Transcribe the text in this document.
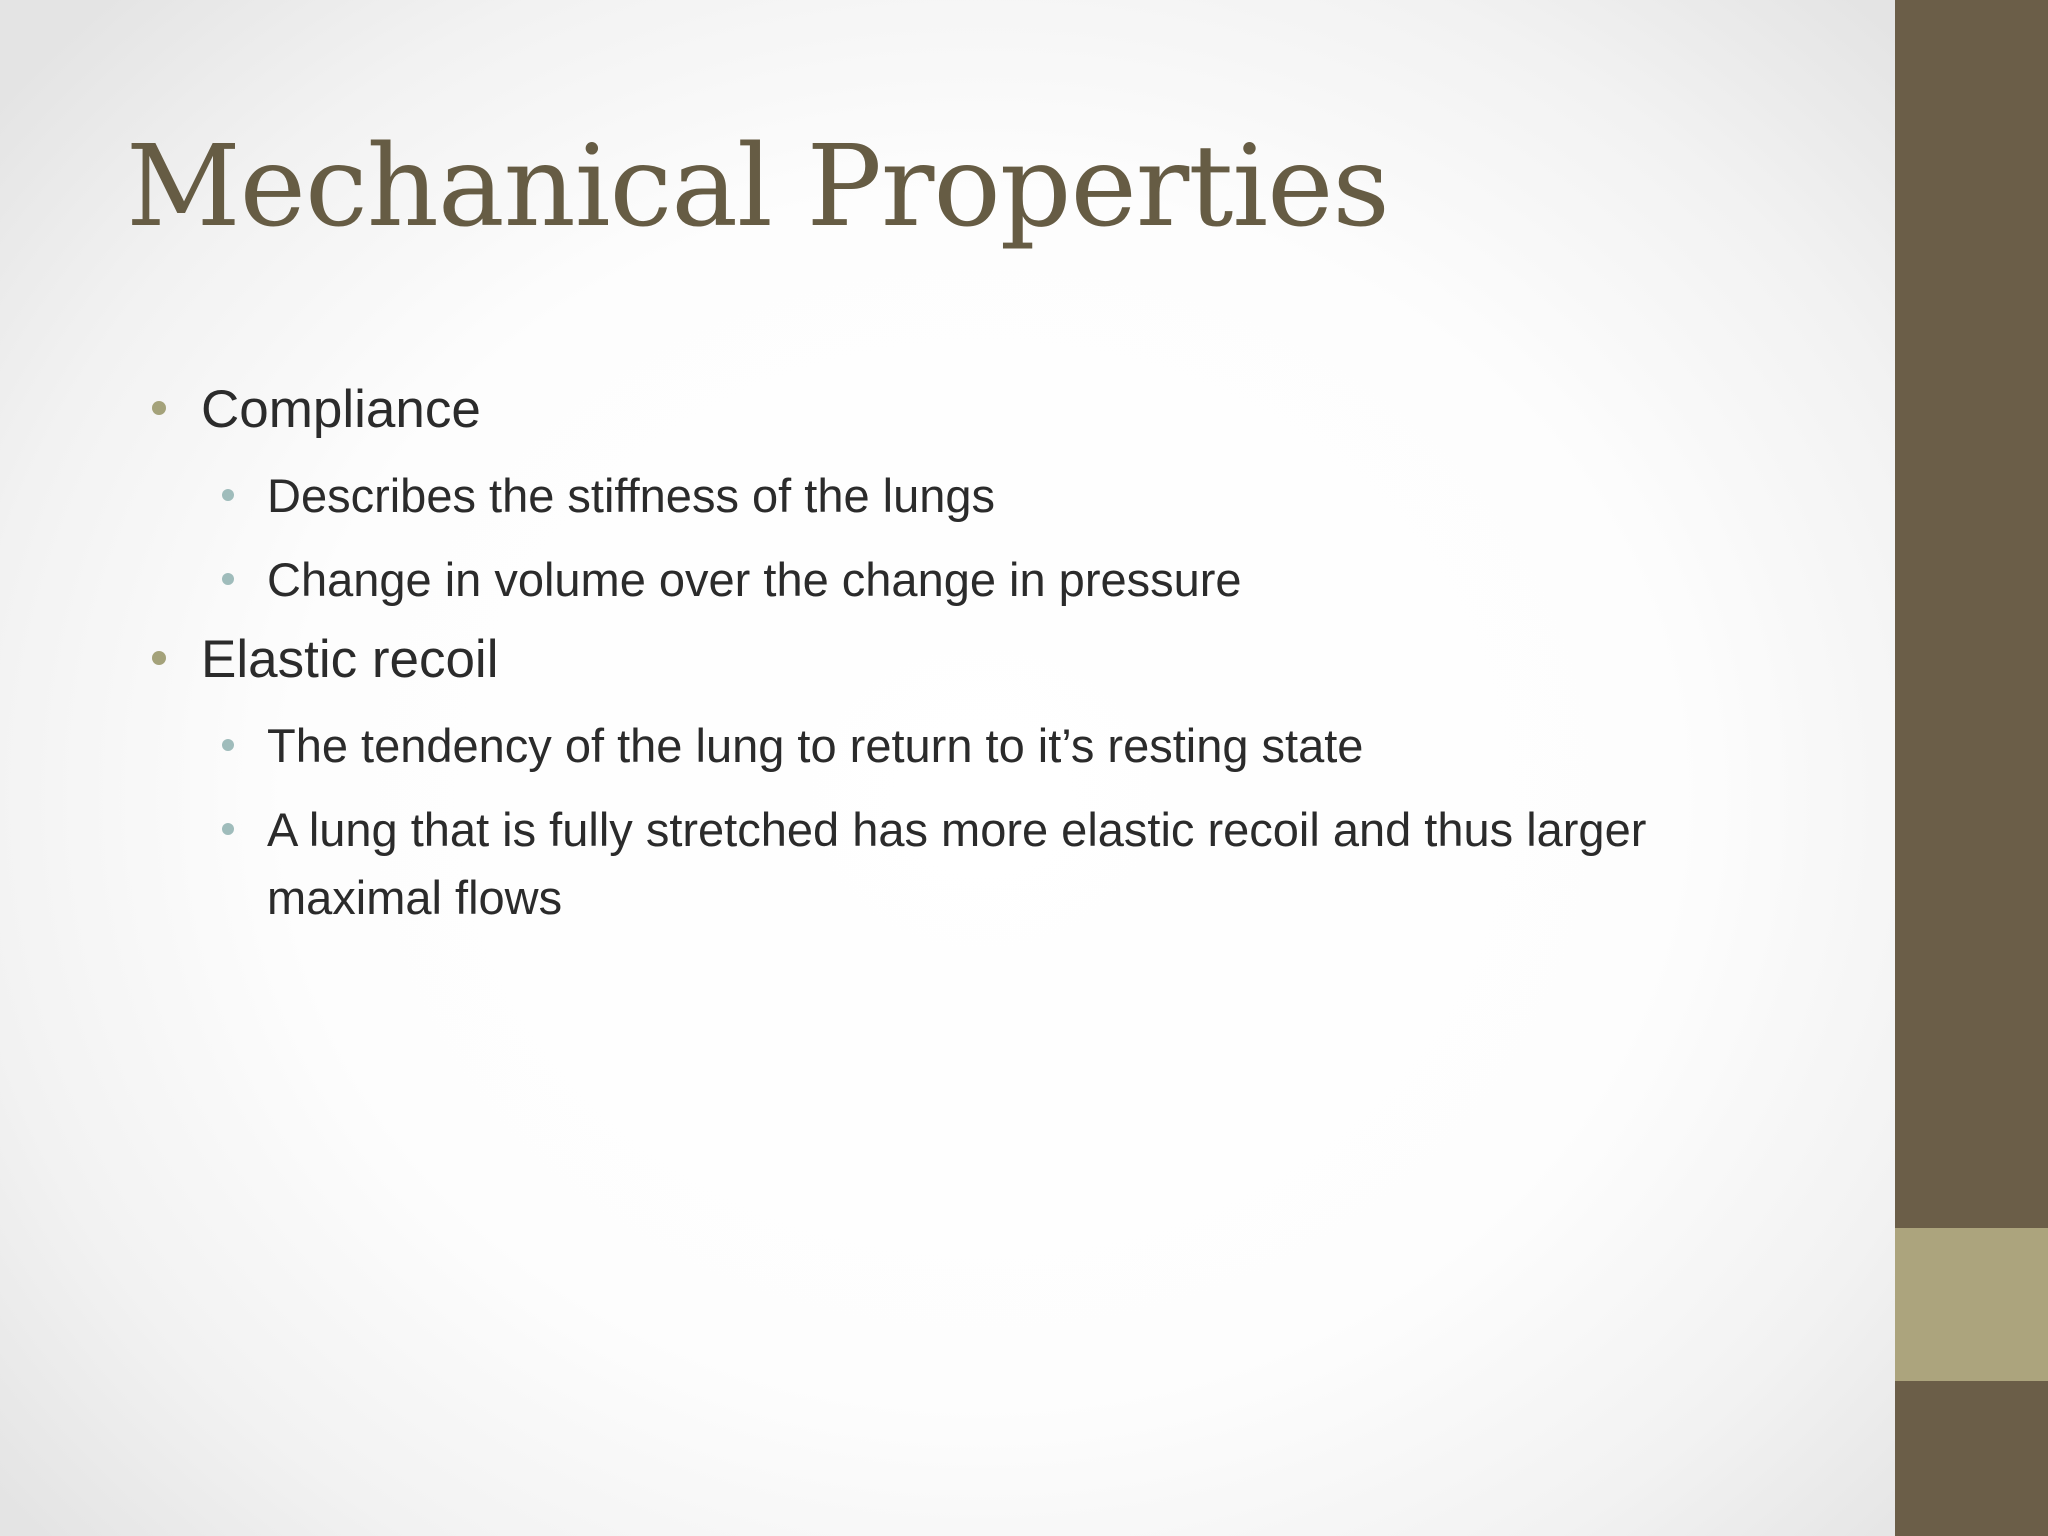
Mechanical Properties
Compliance
Describes the stiffness of the lungs
Change in volume over the change in pressure
Elastic recoil
The tendency of the lung to return to it’s resting state
A lung that is fully stretched has more elastic recoil and thus larger maximal flows
